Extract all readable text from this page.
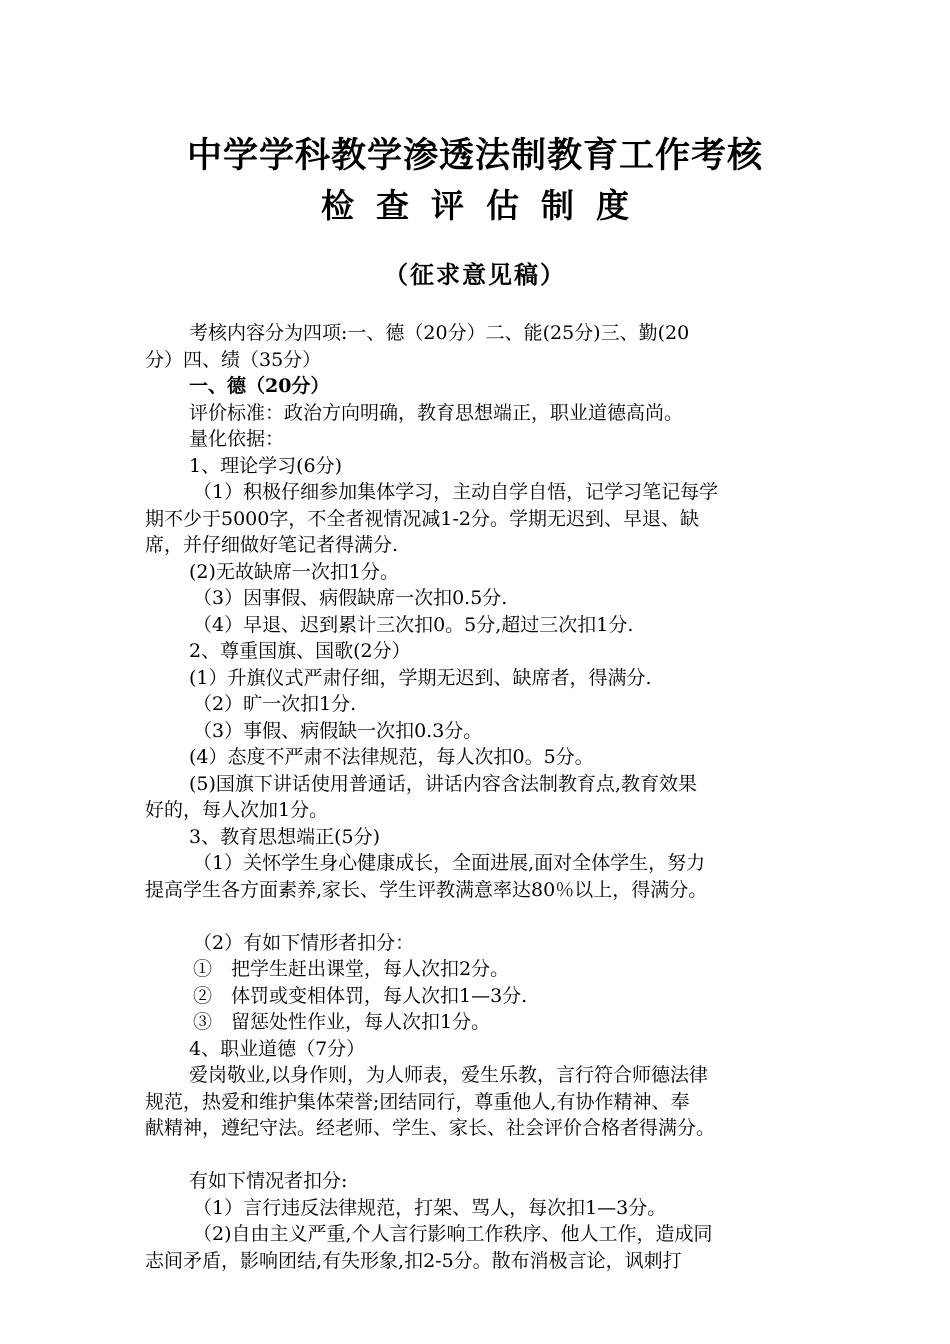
中学学科教学渗透法制教育工作考核
检查评估制度
（征求意见稿）

考核内容分为四项:一、德（20分）二、能(25分)三、勤(20

分）四、绩（35分）

一、德（20分）

评价标准：政治方向明确，教育思想端正，职业道德高尚。

量化依据：

1、理论学习(6分)

（1）积极仔细参加集体学习，主动自学自悟，记学习笔记每学

期不少于5000字，不全者视情况减1-2分。学期无迟到、早退、缺

席，并仔细做好笔记者得满分.

(2)无故缺席一次扣1分。

（3）因事假、病假缺席一次扣0.5分.

（4）早退、迟到累计三次扣0。5分,超过三次扣1分.

2、尊重国旗、国歌(2分）

(1）升旗仪式严肃仔细，学期无迟到、缺席者，得满分.

（2）旷一次扣1分.

（3）事假、病假缺一次扣0.3分。

(4）态度不严肃不法律规范，每人次扣0。5分。

(5)国旗下讲话使用普通话，讲话内容含法制教育点,教育效果

好的，每人次加1分。

3、教育思想端正(5分)

（1）关怀学生身心健康成长，全面进展,面对全体学生，努力

提高学生各方面素养,家长、学生评教满意率达80％以上，得满分。

（2）有如下情形者扣分：

①　把学生赶出课堂，每人次扣2分。

②　体罚或变相体罚，每人次扣1—3分.

③　留惩处性作业，每人次扣1分。

4、职业道德（7分）

爱岗敬业,以身作则，为人师表，爱生乐教，言行符合师德法律

规范，热爱和维护集体荣誉;团结同行，尊重他人,有协作精神、奉

献精神，遵纪守法。经老师、学生、家长、社会评价合格者得满分。

有如下情况者扣分:

（1）言行违反法律规范，打架、骂人，每次扣1—3分。

（2)自由主义严重,个人言行影响工作秩序、他人工作，造成同

志间矛盾，影响团结,有失形象,扣2-5分。散布消极言论，讽刺打
